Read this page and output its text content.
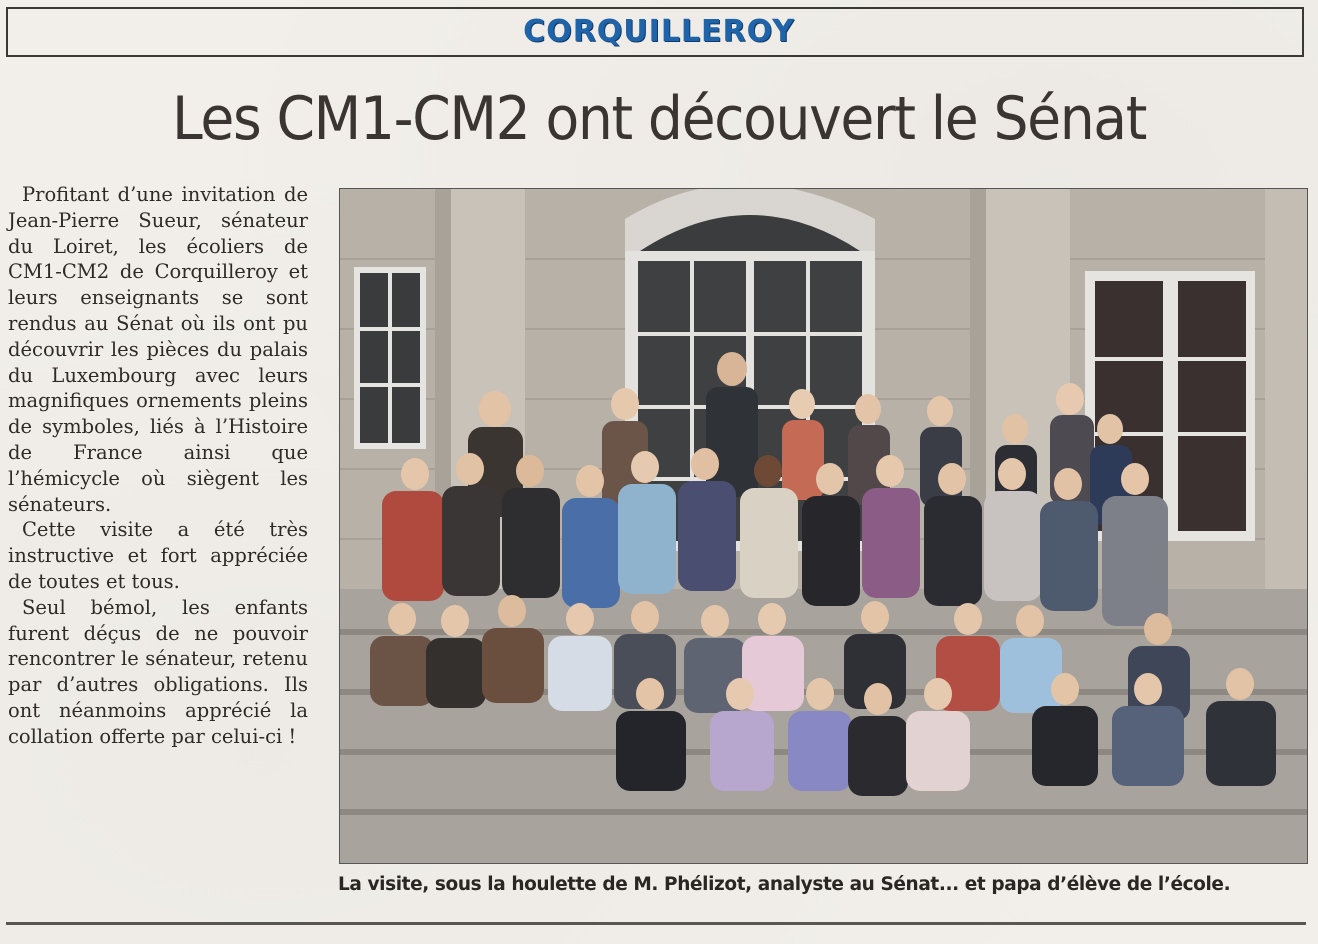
CORQUILLEROY
Les CM1-CM2 ont découvert le Sénat

Profitant d’une invitation de Jean-Pierre Sueur, sénateur du Loiret, les écoliers de CM1-CM2 de Corquilleroy et leurs enseignants se sont rendus au Sénat où ils ont pu découvrir les pièces du palais du Luxembourg avec leurs magnifiques ornements pleins de symboles, liés à l’Histoire de France ainsi que l’hémicycle où siègent les sénateurs.

Cette visite a été très instructive et fort appréciée de toutes et tous.

Seul bémol, les enfants furent déçus de ne pouvoir rencontrer le sénateur, retenu par d’autres obligations. Ils ont néanmoins apprécié la collation offerte par celui-ci !

La visite, sous la houlette de M. Phélizot, analyste au Sénat... et papa d’élève de l’école.
